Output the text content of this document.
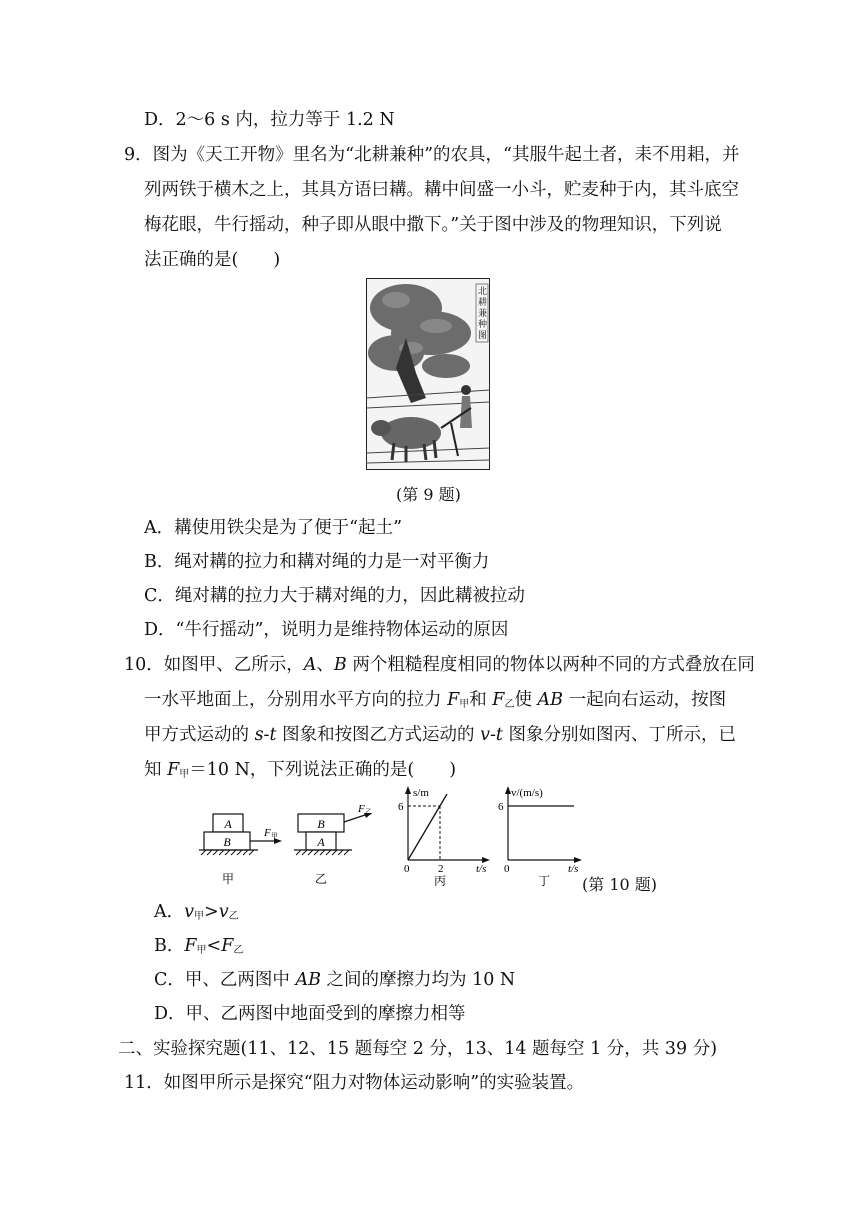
D．2～6 s 内，拉力等于 1.2 N
9．图为《天工开物》里名为“北耕兼种”的农具，“其服牛起土者，耒不用耜，并
列两铁于横木之上，其具方语曰耩。耩中间盛一小斗，贮麦种于内，其斗底空
梅花眼，牛行摇动，种子即从眼中撒下。”关于图中涉及的物理知识，下列说
法正确的是(　　)
北
耕
兼
种
图
(第 9 题)
A．耩使用铁尖是为了便于“起土”
B．绳对耩的拉力和耩对绳的力是一对平衡力
C．绳对耩的拉力大于耩对绳的力，因此耩被拉动
D．“牛行摇动”，说明力是维持物体运动的原因
10．如图甲、乙所示，A、B 两个粗糙程度相同的物体以两种不同的方式叠放在同
一水平地面上，分别用水平方向的拉力 $F_甲$和 $F_乙$使 AB 一起向右运动，按图
甲方式运动的 s-t 图象和按图乙方式运动的 v-t 图象分别如图丙、丁所示，已
知 $F_甲=10$ N，下列说法正确的是(　　)
A
B
F 甲
甲
B
A
F 乙
乙
s/m
6
0	2	t/s
丙
v/(m/s)
6
0	t/s
丁 (第 10 题)
A．$v_甲>v_乙$
B．$F_甲<F_乙$
C．甲、乙两图中 AB 之间的摩擦力均为 10 N
D．甲、乙两图中地面受到的摩擦力相等
二、实验探究题(11、12、15 题每空 2 分，13、14 题每空 1 分，共 39 分)
11．如图甲所示是探究“阻力对物体运动影响”的实验装置。
